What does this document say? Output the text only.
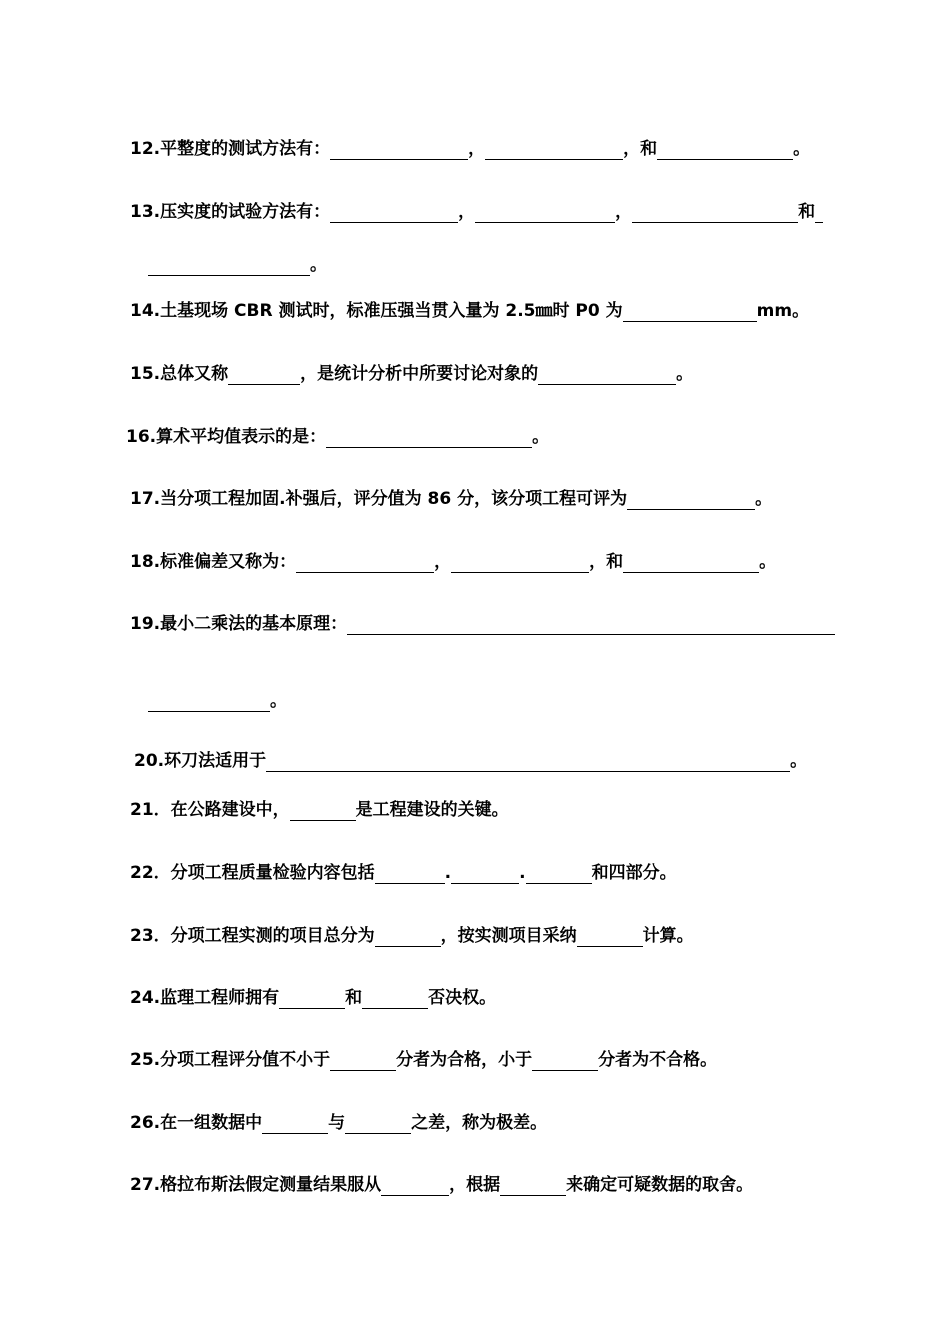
12.平整度的测试方法有：	，	，和	。
13.压实度的试验方法有：	，	，	和
。
14.土基现场 CBR 测试时，标准压强当贯入量为 2.5㎜时 P0 为	mm。
15.总体又称	，是统计分析中所要讨论对象的	。
16.算术平均值表示的是：	。
17.当分项工程加固.补强后，评分值为 86 分，该分项工程可评为	。
18.标准偏差又称为：	，	，和	。
19.最小二乘法的基本原理：
。
20.环刀法适用于	。
21．在公路建设中，	是工程建设的关键。
22．分项工程质量检验内容包括	.	.	和四部分。
23．分项工程实测的项目总分为	，按实测项目采纳	计算。
24.监理工程师拥有	和	否决权。
25.分项工程评分值不小于	分者为合格，小于	分者为不合格。
26.在一组数据中	与	之差，称为极差。
27.格拉布斯法假定测量结果服从	，根据	来确定可疑数据的取舍。
